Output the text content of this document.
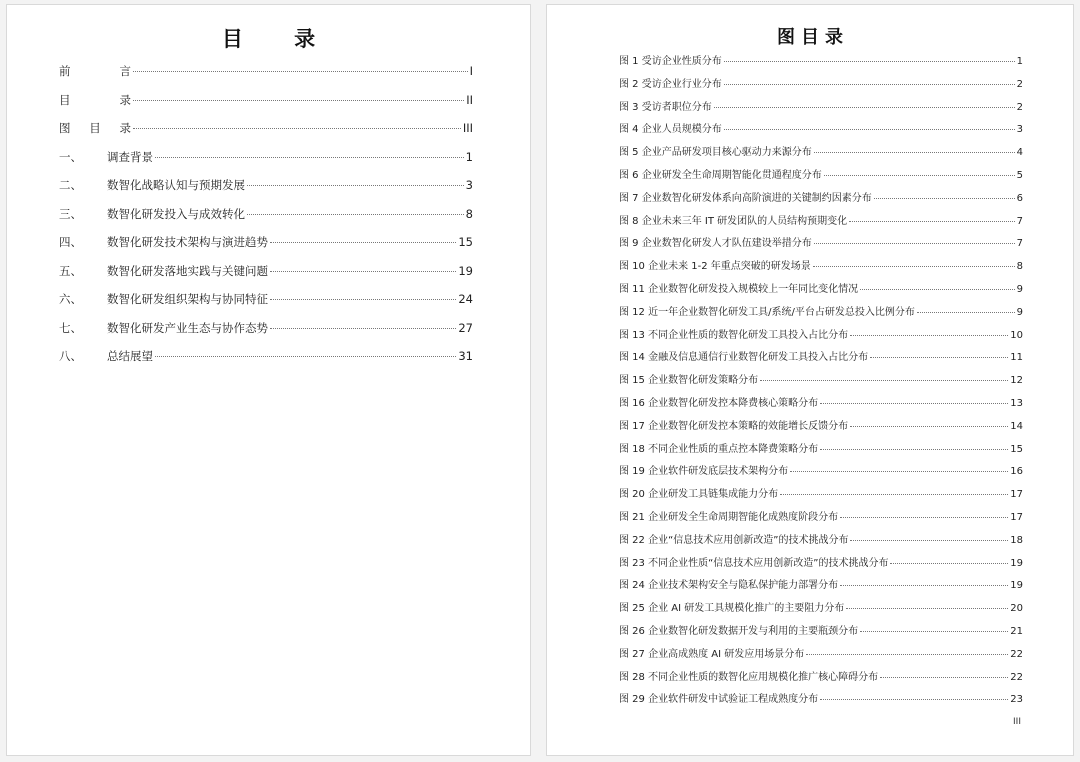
目 录
前	言	I
目	录	II
图 目 录	III
一、	调查背景	1
二、	数智化战略认知与预期发展	3
三、	数智化研发投入与成效转化	8
四、	数智化研发技术架构与演进趋势	15
五、	数智化研发落地实践与关键问题	19
六、	数智化研发组织架构与协同特征	24
七、	数智化研发产业生态与协作态势	27
八、	总结展望	31
图目录
图 1 受访企业性质分布	1
图 2 受访企业行业分布	2
图 3 受访者职位分布	2
图 4 企业人员规模分布	3
图 5 企业产品研发项目核心驱动力来源分布	4
图 6 企业研发全生命周期智能化贯通程度分布	5
图 7 企业数智化研发体系向高阶演进的关键制约因素分布	6
图 8 企业未来三年 IT 研发团队的人员结构预期变化	7
图 9 企业数智化研发人才队伍建设举措分布	7
图 10 企业未来 1-2 年重点突破的研发场景	8
图 11 企业数智化研发投入规模较上一年同比变化情况	9
图 12 近一年企业数智化研发工具/系统/平台占研发总投入比例分布	9
图 13 不同企业性质的数智化研发工具投入占比分布	10
图 14 金融及信息通信行业数智化研发工具投入占比分布	11
图 15 企业数智化研发策略分布	12
图 16 企业数智化研发控本降费核心策略分布	13
图 17 企业数智化研发控本策略的效能增长反馈分布	14
图 18 不同企业性质的重点控本降费策略分布	15
图 19 企业软件研发底层技术架构分布	16
图 20 企业研发工具链集成能力分布	17
图 21 企业研发全生命周期智能化成熟度阶段分布	17
图 22 企业“信息技术应用创新改造”的技术挑战分布	18
图 23 不同企业性质“信息技术应用创新改造”的技术挑战分布	19
图 24 企业技术架构安全与隐私保护能力部署分布	19
图 25 企业 AI 研发工具规模化推广的主要阻力分布	20
图 26 企业数智化研发数据开发与利用的主要瓶颈分布	21
图 27 企业高成熟度 AI 研发应用场景分布	22
图 28 不同企业性质的数智化应用规模化推广核心障碍分布	22
图 29 企业软件研发中试验证工程成熟度分布	23
III
